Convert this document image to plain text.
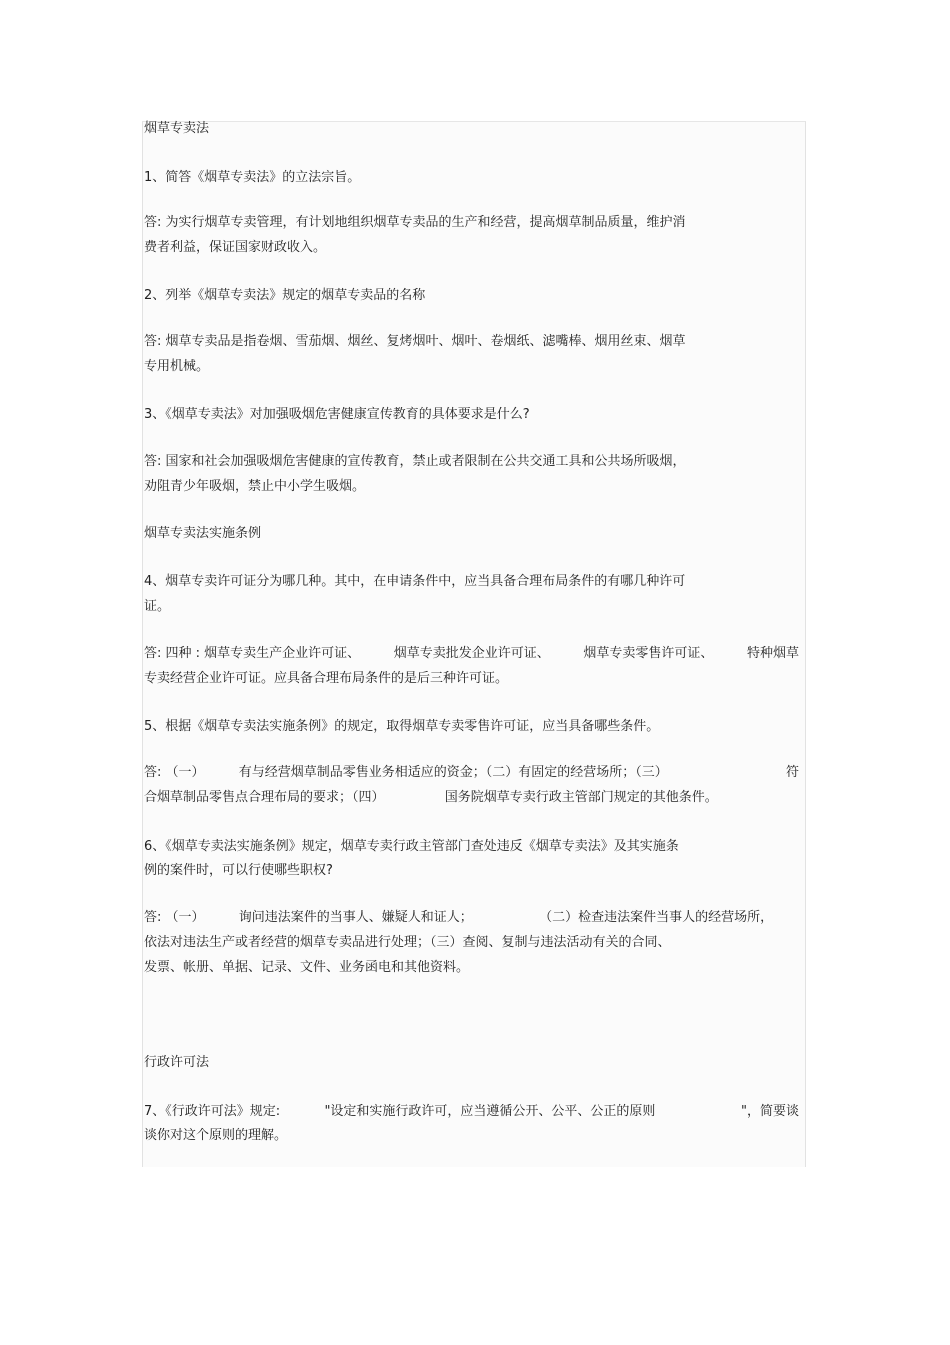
烟草专卖法
1、简答《烟草专卖法》的立法宗旨。
答: 为实行烟草专卖管理，有计划地组织烟草专卖品的生产和经营，提高烟草制品质量，维护消
费者利益，保证国家财政收入。
2、列举《烟草专卖法》规定的烟草专卖品的名称
答: 烟草专卖品是指卷烟、雪茄烟、烟丝、复烤烟叶、烟叶、卷烟纸、滤嘴棒、烟用丝束、烟草
专用机械。
3、《烟草专卖法》对加强吸烟危害健康宣传教育的具体要求是什么?
答: 国家和社会加强吸烟危害健康的宣传教育，禁止或者限制在公共交通工具和公共场所吸烟，
劝阻青少年吸烟，禁止中小学生吸烟。
烟草专卖法实施条例
4、烟草专卖许可证分为哪几种。其中，在申请条件中，应当具备合理布局条件的有哪几种许可
证。
答: 四种 : 烟草专卖生产企业许可证、	烟草专卖批发企业许可证、	烟草专卖零售许可证、	特种烟草
专卖经营企业许可证。应具备合理布局条件的是后三种许可证。
5、根据《烟草专卖法实施条例》的规定，取得烟草专卖零售许可证，应当具备哪些条件。
答: （一）	有与经营烟草制品零售业务相适应的资金；（二）有固定的经营场所；（三）	符
合烟草制品零售点合理布局的要求；（四）	国务院烟草专卖行政主管部门规定的其他条件。
6、《烟草专卖法实施条例》规定，烟草专卖行政主管部门查处违反《烟草专卖法》及其实施条
例的案件时，可以行使哪些职权?
答: （一）	询问违法案件的当事人、嫌疑人和证人；	（二）检查违法案件当事人的经营场所，
依法对违法生产或者经营的烟草专卖品进行处理；（三）查阅、复制与违法活动有关的合同、
发票、帐册、单据、记录、文件、业务函电和其他资料。
行政许可法
7、《行政许可法》规定:	"设定和实施行政许可，应当遵循公开、公平、公正的原则	"，简要谈
谈你对这个原则的理解。
